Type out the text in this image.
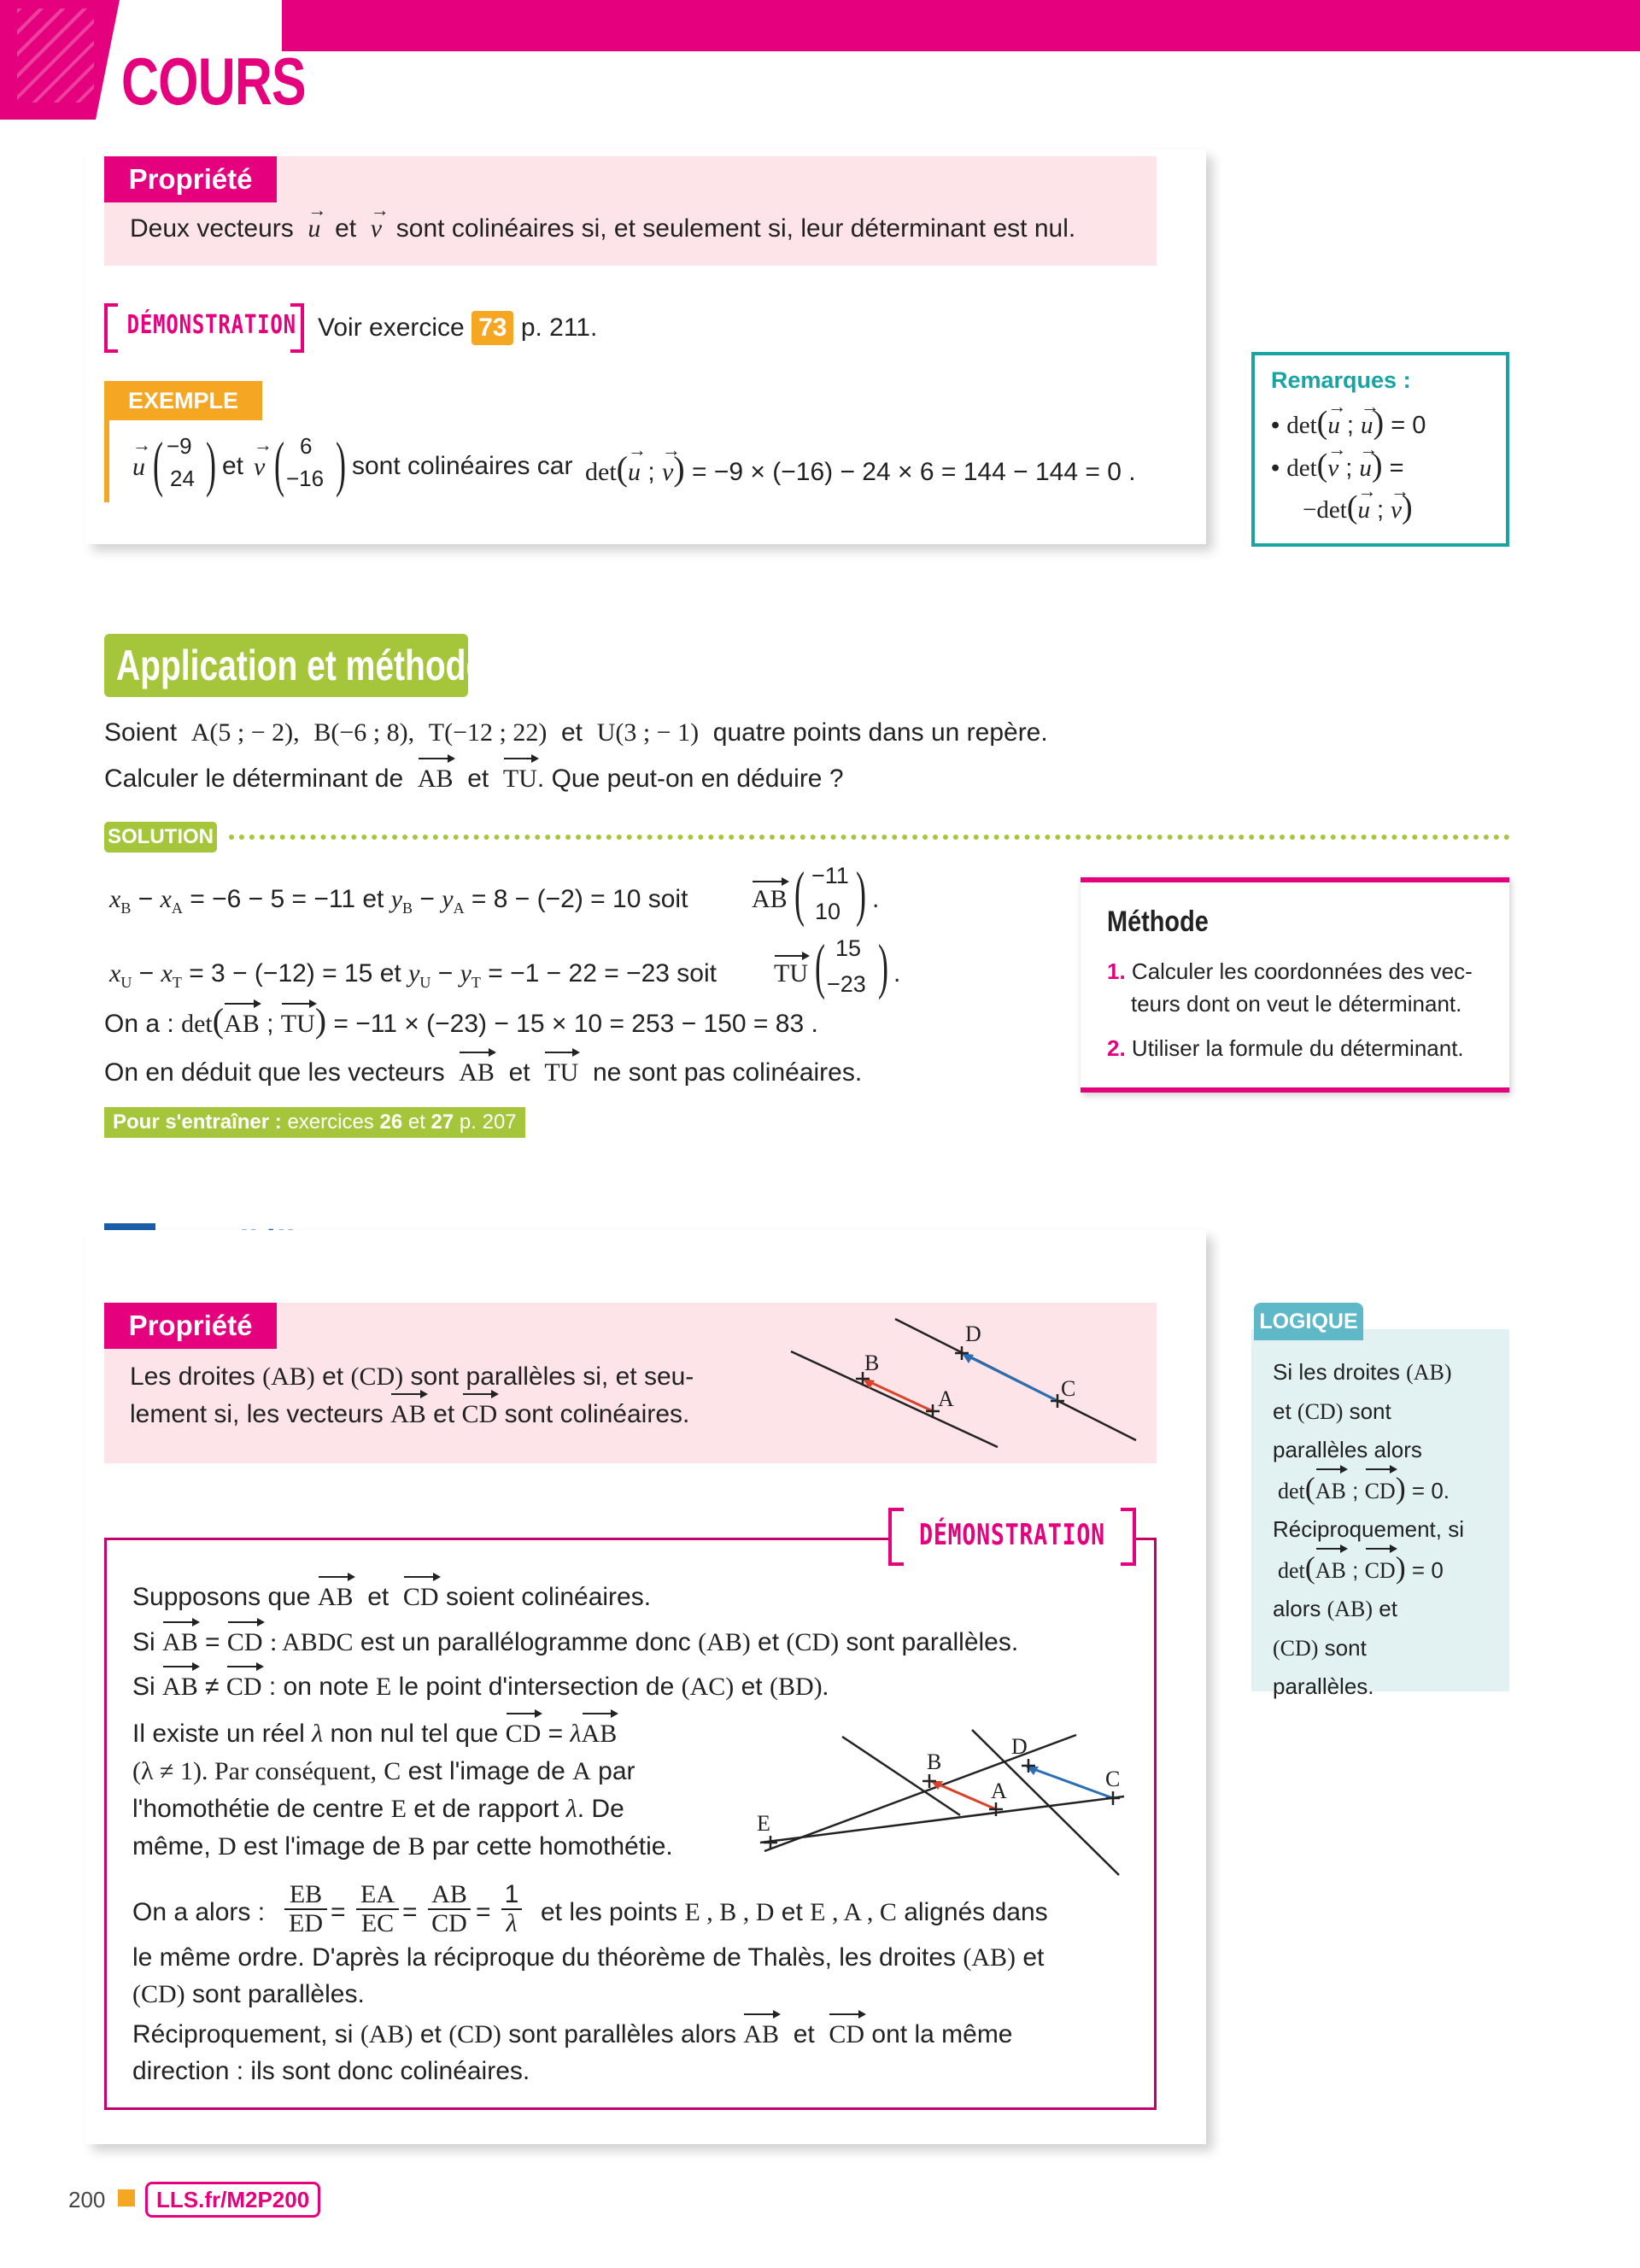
COURS
Propriété
Deux vecteurs → u et → v sont colinéaires si, et seulement si, leur déterminant est nul.
DÉMONSTRATION Voir exercice 73 p. 211.
EXEMPLE
→ u ( −9
24 ) et → v ( 6
−16 ) sont colinéaires car det(→ u ; → v) = −9 × (−16) − 24 × 6 = 144 − 144 = 0 .
Remarques :
• det(→ u ; → u) = 0
• det(→ v ; → u) =
−det(→ u ; → v)
Application et méthode
Soient A(5 ; − 2), B(−6 ; 8), T(−12 ; 22) et U(3 ; − 1) quatre points dans un repère.
Calculer le déterminant de AB et TU. Que peut-on en déduire ?
SOLUTION
$x_B - x_A = -6 - 5 = -11$ et $y_B - y_A = 8 - (-2) = 10$ soit AB ( −11
10 ) .
$x_U - x_T = 3 - (-12) = 15$ et $y_U - y_T = -1 - 22 = -23$ soit TU ( 15
−23 ) .
On a : det(AB ; TU) = −11 × (−23) − 15 × 10 = 253 − 150 = 83 .
On en déduit que les vecteurs AB et TU ne sont pas colinéaires.
Pour s'entraîner : exercices 26 et 27 p. 207
Méthode
1. Calculer les coordonnées des vec-
teurs dont on veut le déterminant.
2. Utiliser la formule du déterminant.
Propriété
Les droites (AB) et (CD) sont parallèles si, et seu-
lement si, les vecteurs AB et CD sont colinéaires.
B
A
D
C
LOGIQUE
Si les droites (AB)
et (CD) sont
parallèles alors
det(AB ; CD) = 0.
Réciproquement, si
det(AB ; CD) = 0
alors (AB) et
(CD) sont
parallèles.
DÉMONSTRATION
Supposons que AB  et  CD soient colinéaires.
Si AB = CD : ABDC est un parallélogramme donc (AB) et (CD) sont parallèles.
Si AB ≠ CD : on note E le point d'intersection de (AC) et (BD).
Il existe un réel λ non nul tel que CD = λAB
(λ ≠ 1). Par conséquent, C est l'image de A par
l'homothétie de centre E et de rapport λ. De
même, D est l'image de B par cette homothétie.
E
B
A
D
C
On a alors :
EB
ED =
EA
EC =
AB
CD =
1
λ et les points E , B , D et E , A , C alignés dans
le même ordre. D'après la réciproque du théorème de Thalès, les droites (AB) et
(CD) sont parallèles.
Réciproquement, si (AB) et (CD) sont parallèles alors AB  et  CD ont la même
direction : ils sont donc colinéaires.
200	LLS.fr/M2P200
